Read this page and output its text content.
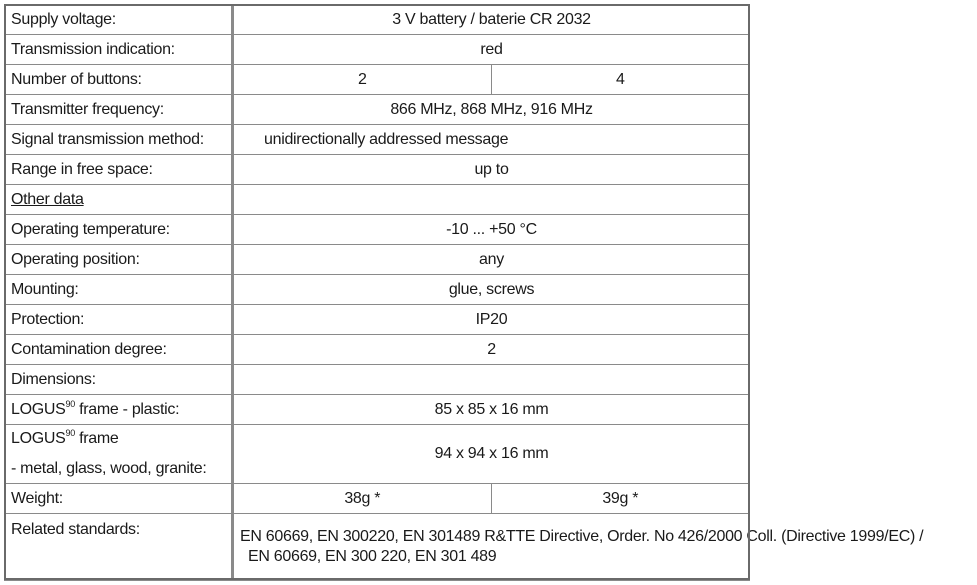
Supply voltage:	3 V battery / baterie CR 2032	
Transmission indication:	red	
Number of buttons:	2	4
Transmitter frequency:	866 MHz, 868 MHz, 916 MHz	
Signal transmission method:	unidirectionally addressed message	
Range in free space:	up to	
Other data		
Operating temperature:	-10 ... +50 °C	
Operating position:	any	
Mounting:	glue, screws	
Protection:	IP20	
Contamination degree:	2	
Dimensions:		
LOGUS$^{90}$ frame - plastic:	85 x 85 x 16 mm	

LOGUS$^{90}$ frame
- metal, glass, wood, granite:	94 x 94 x 16 mm	
Weight:	38g *	39g *
Related standards:	EN 60669, EN 300220, EN 301489 R&TTE Directive, Order. No 426/2000 Coll. (Directive 1999/EC) /
EN 60669, EN 300 220, EN 301 489	
